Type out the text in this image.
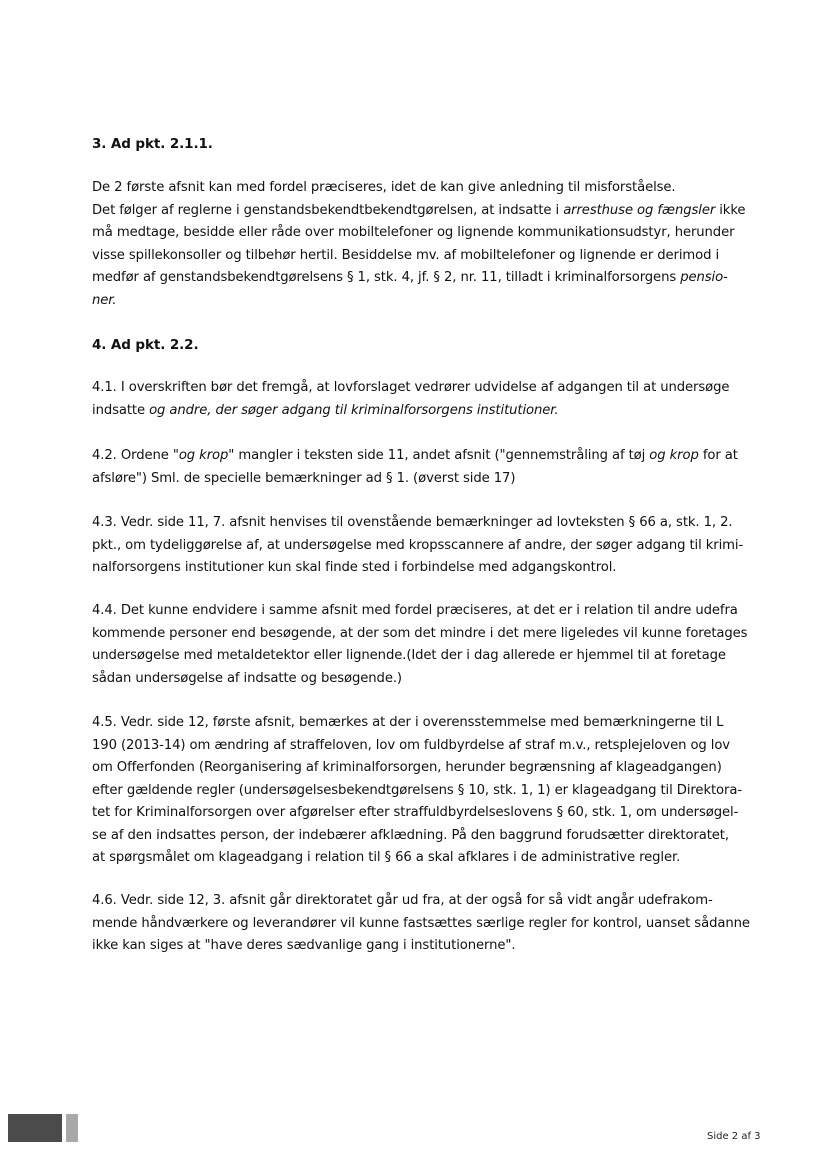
3. Ad pkt. 2.1.1.
De 2 første afsnit kan med fordel præciseres, idet de kan give anledning til misforståelse.
Det følger af reglerne i genstandsbekendtbekendtgørelsen, at indsatte i arresthuse og fængsler ikke
må medtage, besidde eller råde over mobiltelefoner og lignende kommunikationsudstyr, herunder
visse spillekonsoller og tilbehør hertil. Besiddelse mv. af mobiltelefoner og lignende er derimod i
medfør af genstandsbekendtgørelsens § 1, stk. 4, jf. § 2, nr. 11, tilladt i kriminalforsorgens pensio-
ner.
4. Ad pkt. 2.2.
4.1. I overskriften bør det fremgå, at lovforslaget vedrører udvidelse af adgangen til at undersøge
indsatte og andre, der søger adgang til kriminalforsorgens institutioner.
4.2. Ordene "og krop" mangler i teksten side 11, andet afsnit ("gennemstråling af tøj og krop for at
afsløre") Sml. de specielle bemærkninger ad § 1. (øverst side 17)
4.3. Vedr. side 11, 7. afsnit henvises til ovenstående bemærkninger ad lovteksten § 66 a, stk. 1, 2.
pkt., om tydeliggørelse af, at undersøgelse med kropsscannere af andre, der søger adgang til krimi-
nalforsorgens institutioner kun skal finde sted i forbindelse med adgangskontrol.
4.4. Det kunne endvidere i samme afsnit med fordel præciseres, at det er i relation til andre udefra
kommende personer end besøgende, at der som det mindre i det mere ligeledes vil kunne foretages
undersøgelse med metaldetektor eller lignende.(Idet der i dag allerede er hjemmel til at foretage
sådan undersøgelse af indsatte og besøgende.)
4.5. Vedr. side 12, første afsnit, bemærkes at der i overensstemmelse med bemærkningerne til L
190 (2013-14) om ændring af straffeloven, lov om fuldbyrdelse af straf m.v., retsplejeloven og lov
om Offerfonden (Reorganisering af kriminalforsorgen, herunder begrænsning af klageadgangen)
efter gældende regler (undersøgelsesbekendtgørelsens § 10, stk. 1, 1) er klageadgang til Direktora-
tet for Kriminalforsorgen over afgørelser efter straffuldbyrdelseslovens § 60, stk. 1, om undersøgel-
se af den indsattes person, der indebærer afklædning. På den baggrund forudsætter direktoratet,
at spørgsmålet om klageadgang i relation til § 66 a skal afklares i de administrative regler.
4.6. Vedr. side 12, 3. afsnit går direktoratet går ud fra, at der også for så vidt angår udefrakom-
mende håndværkere og leverandører vil kunne fastsættes særlige regler for kontrol, uanset sådanne
ikke kan siges at "have deres sædvanlige gang i institutionerne".
Side 2 af 3
